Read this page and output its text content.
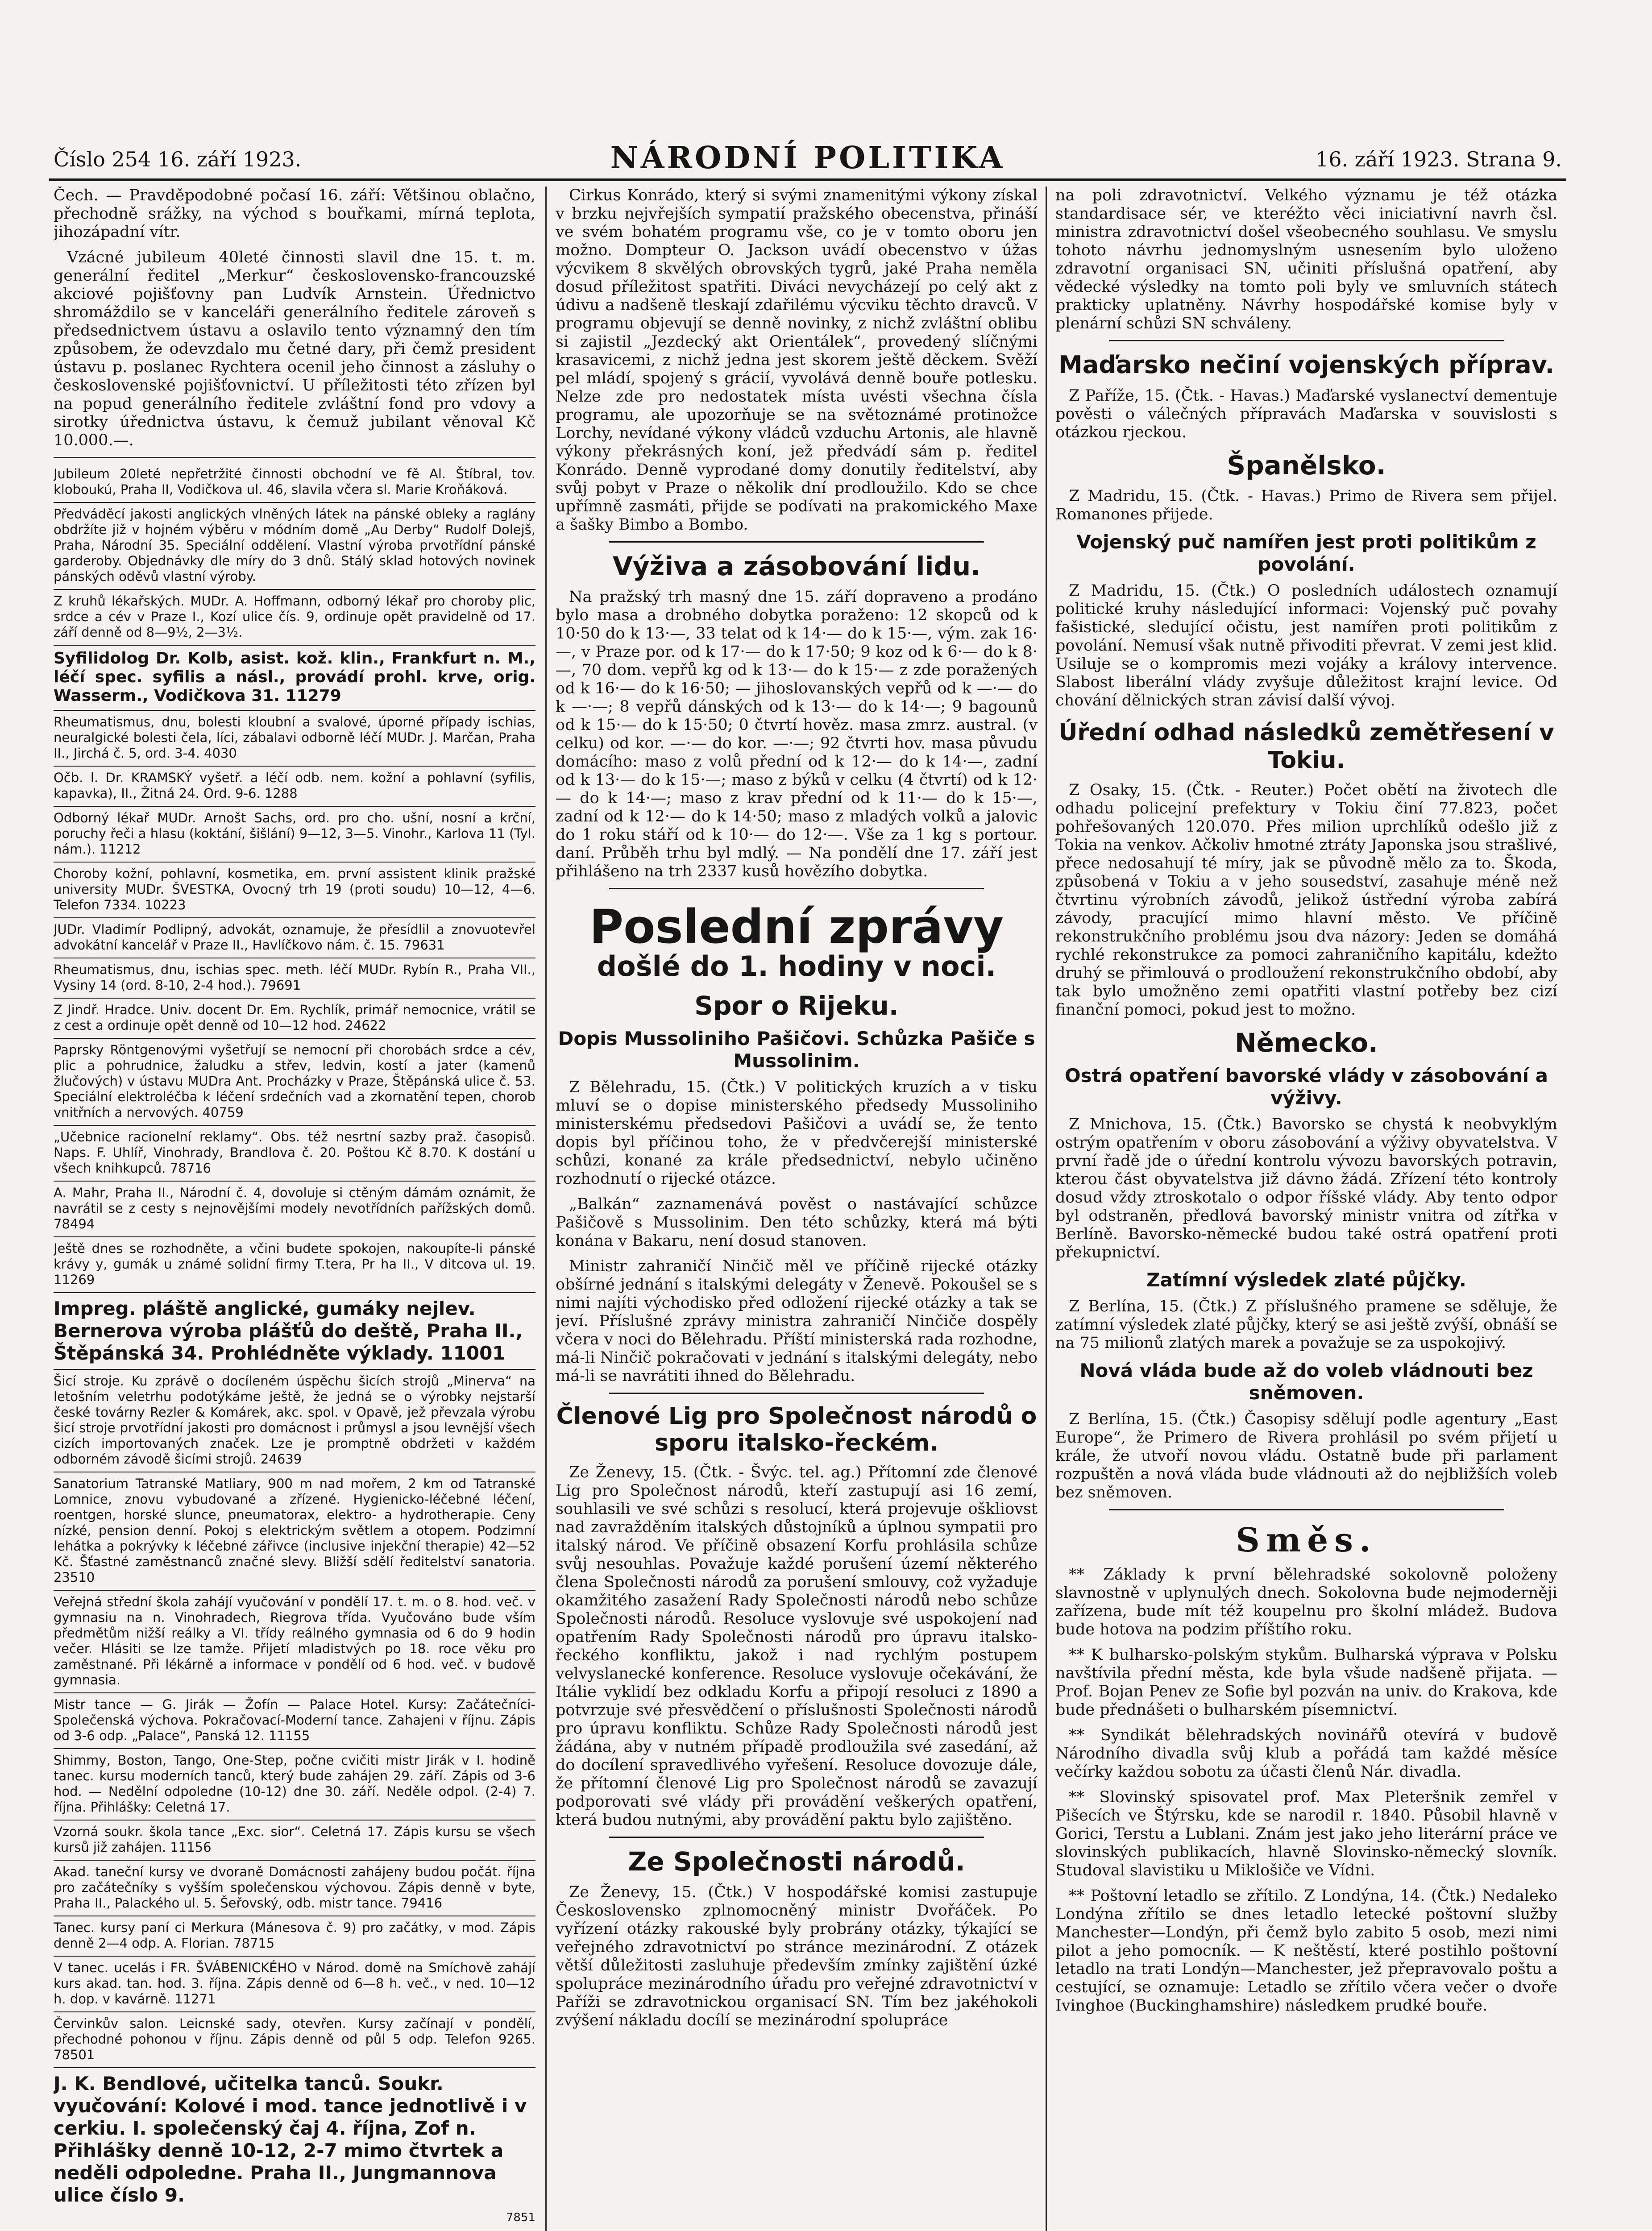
Číslo 254 16. září 1923.	NÁRODNÍ POLITIKA	16. září 1923. Strana 9.

Čech. — Pravděpodobné počasí 16. září: Většinou oblačno, přechodně srážky, na východ s bouřkami, mírná teplota, jihozápadní vítr.

Vzácné jubileum 40leté činnosti slavil dne 15. t. m. generální ředitel „Merkur“ československo-francouzské akciové pojišťovny pan Ludvík Arnstein. Úřednictvo shromáždilo se v kanceláři generálního ředitele zároveň s předsednictvem ústavu a oslavilo tento významný den tím způsobem, že odevzdalo mu četné dary, při čemž president ústavu p. poslanec Rychtera ocenil jeho činnost a zásluhy o československé pojišťovnictví. U příležitosti této zřízen byl na popud generálního ředitele zvláštní fond pro vdovy a sirotky úřednictva ústavu, k čemuž jubilant věnoval Kč 10.000.—.

Jubileum 20leté nepřetržité činnosti obchodní ve fě Al. Štíbral, tov. kloboukú, Praha II, Vodičkova ul. 46, slavila včera sl. Marie Kroňáková.

Předváděcí jakosti anglických vlněných látek na pánské obleky a raglány obdržíte již v hojném výběru v módním domě „Au Derby“ Rudolf Dolejš, Praha, Národní 35. Speciální oddělení. Vlastní výroba prvotřídní pánské garderoby. Objednávky dle míry do 3 dnů. Stálý sklad hotových novinek pánských oděvů vlastní výroby.

Z kruhů lékařských. MUDr. A. Hoffmann, odborný lékař pro choroby plic, srdce a cév v Praze I., Kozí ulice čís. 9, ordinuje opět pravidelně od 17. září denně od 8—9½, 2—3½.

Syfilidolog Dr. Kolb, asist. kož. klin., Frankfurt n. M., léčí spec. syfilis a násl., provádí prohl. krve, orig. Wasserm., Vodičkova 31. 11279

Rheumatismus, dnu, bolesti kloubní a svalové, úporné případy ischias, neuralgické bolesti čela, líci, zábalavi odborně léčí MUDr. J. Marčan, Praha II., Jirchá č. 5, ord. 3-4. 4030

Očb. l. Dr. KRAMSKÝ vyšetř. a léčí odb. nem. kožní a pohlavní (syfilis, kapavka), II., Žitná 24. Ord. 9-6. 1288

Odborný lékař MUDr. Arnošt Sachs, ord. pro cho. ušní, nosní a krční, poruchy řeči a hlasu (koktání, šišlání) 9—12, 3—5. Vinohr., Karlova 11 (Tyl. nám.). 11212

Choroby kožní, pohlavní, kosmetika, em. první assistent klinik pražské university MUDr. ŠVESTKA, Ovocný trh 19 (proti soudu) 10—12, 4—6. Telefon 7334. 10223

JUDr. Vladimír Podlipný, advokát, oznamuje, že přesídlil a znovuotevřel advokátní kancelář v Praze II., Havlíčkovo nám. č. 15. 79631

Rheumatismus, dnu, ischias spec. meth. léčí MUDr. Rybín R., Praha VII., Vysiny 14 (ord. 8-10, 2-4 hod.). 79691

Z Jindř. Hradce. Univ. docent Dr. Em. Rychlík, primář nemocnice, vrátil se z cest a ordinuje opět denně od 10—12 hod. 24622

Paprsky Röntgenovými vyšetřují se nemocní při chorobách srdce a cév, plic a pohrudnice, žaludku a střev, ledvin, kostí a jater (kamenů žlučových) v ústavu MUDra Ant. Procházky v Praze, Štěpánská ulice č. 53. Speciální elektroléčba k léčení srdečních vad a zkornatění tepen, chorob vnitřních a nervových. 40759

„Učebnice racionelní reklamy“. Obs. též nesrtní sazby praž. časopisů. Naps. F. Uhlíř, Vinohrady, Brandlova č. 20. Poštou Kč 8.70. K dostání u všech knihkupců. 78716

A. Mahr, Praha II., Národní č. 4, dovoluje si ctěným dámám oznámit, že navrátil se z cesty s nejnovějšími modely nevotřídních pařížských domů. 78494

Ještě dnes se rozhodněte, a včini budete spokojen, nakoupíte-li pánské krávy y, gumák u známé solidní firmy T.tera, Pr ha II., V ditcova ul. 19. 11269

Impreg. pláště anglické, gumáky nejlev. Bernerova výroba plášťů do deště, Praha II., Štěpánská 34. Prohlédněte výklady. 11001

Šicí stroje. Ku zprávě o docíleném úspěchu šicích strojů „Minerva“ na letošním veletrhu podotýkáme ještě, že jedná se o výrobky nejstarší české továrny Rezler & Komárek, akc. spol. v Opavě, jež převzala výrobu šicí stroje prvotřídní jakosti pro domácnost i průmysl a jsou levnější všech cizích importovaných značek. Lze je promptně obdržeti v každém odborném závodě šicími strojů. 24639

Sanatorium Tatranské Matliary, 900 m nad mořem, 2 km od Tatranské Lomnice, znovu vybudované a zřízené. Hygienicko-léčebné léčení, roentgen, horské slunce, pneumatorax, elektro- a hydrotherapie. Ceny nízké, pension denní. Pokoj s elektrickým světlem a otopem. Podzimní lehátka a pokrývky k léčebné zářivce (inclusive injekční therapie) 42—52 Kč. Šťastné zaměstnanců značné slevy. Bližší sdělí ředitelství sanatoria. 23510

Veřejná střední škola zahájí vyučování v pondělí 17. t. m. o 8. hod. več. v gymnasiu na n. Vinohradech, Riegrova třída. Vyučováno bude vším předmětům nižší reálky a VI. třídy reálného gymnasia od 6 do 9 hodin večer. Hlásiti se lze tamže. Přijetí mladistvých po 18. roce věku pro zaměstnané. Při lékárně a informace v pondělí od 6 hod. več. v budově gymnasia.

Mistr tance — G. Jirák — Žofín — Palace Hotel. Kursy: Začátečníci-Společenská výchova. Pokračovací-Moderní tance. Zahajeni v říjnu. Zápis od 3-6 odp. „Palace“, Panská 12. 11155

Shimmy, Boston, Tango, One-Step, počne cvičiti mistr Jirák v I. hodině tanec. kursu moderních tanců, který bude zahájen 29. září. Zápis od 3-6 hod. — Nedělní odpoledne (10-12) dne 30. září. Neděle odpol. (2-4) 7. října. Přihlášky: Celetná 17.

Vzorná soukr. škola tance „Exc. sior“. Celetná 17. Zápis kursu se všech kursů již zahájen. 11156

Akad. taneční kursy ve dvoraně Domácnosti zahájeny budou počát. října pro začátečníky s vyšším společenskou výchovou. Zápis denně v byte, Praha II., Palackého ul. 5. Šeřovský, odb. mistr tance. 79416

Tanec. kursy paní ci Merkura (Mánesova č. 9) pro začátky, v mod. Zápis denně 2—4 odp. A. Florian. 78715

V tanec. ucelás i FR. ŠVÁBENICKÉHO v Národ. domě na Smíchově zahájí kurs akad. tan. hod. 3. října. Zápis denně od 6—8 h. več., v ned. 10—12 h. dop. v kavárně. 11271

Červinkův salon. Leicnské sady, otevřen. Kursy začínají v pondělí, přechodné pohonou v říjnu. Zápis denně od půl 5 odp. Telefon 9265. 78501

J. K. Bendlové, učitelka tanců. Soukr. vyučování: Kolové i mod. tance jednotlivě i v cerkiu. I. společenský čaj 4. října, Zof n. Přihlášky denně 10-12, 2-7 mimo čtvrtek a neděli odpoledne. Praha II., Jungmannova ulice číslo 9.

7851

Cirkus Konrádo, který si svými znamenitými výkony získal v brzku nejvřejších sympatií pražského obecenstva, přináší ve svém bohatém programu vše, co je v tomto oboru jen možno. Dompteur O. Jackson uvádí obecenstvo v úžas výcvikem 8 skvělých obrovských tygrů, jaké Praha neměla dosud příležitost spatřiti. Diváci nevycházejí po celý akt z údivu a nadšeně tleskají zdařilému výcviku těchto dravců. V programu objevují se denně novinky, z nichž zvláštní oblibu si zajistil „Jezdecký akt Orientálek“, provedený slíčnými krasavicemi, z nichž jedna jest skorem ještě děckem. Svěží pel mládí, spojený s grácií, vyvolává denně bouře potlesku. Nelze zde pro nedostatek místa uvésti všechna čísla programu, ale upozorňuje se na světoznámé protinožce Lorchy, nevídané výkony vládců vzduchu Artonis, ale hlavně výkony překrásných koní, jež předvádí sám p. ředitel Konrádo. Denně vyprodané domy donutily ředitelství, aby svůj pobyt v Praze o několik dní prodloužilo. Kdo se chce upřímně zasmáti, přijde se podívati na prakomického Maxe a šašky Bimbo a Bombo.

Výživa a zásobování lidu.

Na pražský trh masný dne 15. září dopraveno a prodáno bylo masa a drobného dobytka poraženo: 12 skopců od k 10·50 do k 13·—, 33 telat od k 14·— do k 15·—, vým. zak 16·—, v Praze por. od k 17·— do k 17·50; 9 koz od k 6·— do k 8·—, 70 dom. vepřů kg od k 13·— do k 15·— z zde poražených od k 16·— do k 16·50; — jihoslovanských vepřů od k —·— do k —·—; 8 vepřů dánských od k 13·— do k 14·—; 9 bagounů od k 15·— do k 15·50; 0 čtvrtí hověz. masa zmrz. austral. (v celku) od kor. —·— do kor. —·—; 92 čtvrti hov. masa půvudu domácího: maso z volů přední od k 12·— do k 14·—, zadní od k 13·— do k 15·—; maso z býků v celku (4 čtvrtí) od k 12·— do k 14·—; maso z krav přední od k 11·— do k 15·—, zadní od k 12·— do k 14·50; maso z mladých volků a jalovic do 1 roku stáří od k 10·— do 12·—. Vše za 1 kg s portour. daní. Průběh trhu byl mdlý. — Na pondělí dne 17. září jest přihlášeno na trh 2337 kusů hovězího dobytka.

Poslední zprávy
došlé do 1. hodiny v noci.
Spor o Rijeku.
Dopis Mussoliniho Pašičovi. Schůzka Pašiče s Mussolinim.

Z Bělehradu, 15. (Čtk.) V politických kruzích a v tisku mluví se o dopise ministerského předsedy Mussoliniho ministerskému předsedovi Pašičovi a uvádí se, že tento dopis byl příčinou toho, že v předvčerejší ministerské schůzi, konané za krále předsednictví, nebylo učiněno rozhodnutí o rijecké otázce.

„Balkán“ zaznamenává pověst o nastávající schůzce Pašičově s Mussolinim. Den této schůzky, která má býti konána v Bakaru, není dosud stanoven.

Ministr zahraničí Ninčič měl ve příčině rijecké otázky obšírné jednání s italskými delegáty v Ženevě. Pokoušel se s nimi najíti východisko před odložení rijecké otázky a tak se jeví. Příslušné zprávy ministra zahraničí Ninčiče dospěly včera v noci do Bělehradu. Příští ministerská rada rozhodne, má-li Ninčič pokračovati v jednání s italskými delegáty, nebo má-li se navrátiti ihned do Bělehradu.

Členové Lig pro Společnost národů o sporu italsko-řeckém.

Ze Ženevy, 15. (Čtk. - Švýc. tel. ag.) Přítomní zde členové Lig pro Společnost národů, kteří zastupují asi 16 zemí, souhlasili ve své schůzi s resolucí, která projevuje oškliovst nad zavražděním italských důstojníků a úplnou sympatii pro italský národ. Ve příčině obsazení Korfu prohlásila schůze svůj nesouhlas. Považuje každé porušení území některého člena Společnosti národů za porušení smlouvy, což vyžaduje okamžitého zasažení Rady Společnosti národů nebo schůze Společnosti národů. Resoluce vyslovuje své uspokojení nad opatřením Rady Společnosti národů pro úpravu italsko-řeckého konfliktu, jakož i nad rychlým postupem velvyslanecké konference. Resoluce vyslovuje očekávání, že Itálie vyklidí bez odkladu Korfu a připojí resoluci z 1890 a potvrzuje své přesvědčení o příslušnosti Společnosti národů pro úpravu konfliktu. Schůze Rady Společnosti národů jest žádána, aby v nutném případě prodloužila své zasedání, až do docílení spravedlivého vyřešení. Resoluce dovozuje dále, že přítomní členové Lig pro Společnost národů se zavazují podporovati své vlády při provádění veškerých opatření, která budou nutnými, aby provádění paktu bylo zajištěno.

Ze Společnosti národů.

Ze Ženevy, 15. (Čtk.) V hospodářské komisi zastupuje Československo zplnomocněný ministr Dvořáček. Po vyřízení otázky rakouské byly probrány otázky, týkající se veřejného zdravotnictví po stránce mezinárodní. Z otázek větší důležitosti zasluhuje především zmínky zajištění úzké spolupráce mezinárodního úřadu pro veřejné zdravotnictví v Paříži se zdravotnickou organisací SN. Tím bez jakéhokoli zvýšení nákladu docílí se mezinárodní spolupráce

na poli zdravotnictví. Velkého významu je též otázka standardisace sér, ve kteréžto věci iniciativní navrh čsl. ministra zdravotnictví došel všeobecného souhlasu. Ve smyslu tohoto návrhu jednomyslným usnesením bylo uloženo zdravotní organisaci SN, učiniti příslušná opatření, aby vědecké výsledky na tomto poli byly ve smluvních státech prakticky uplatněny. Návrhy hospodářské komise byly v plenární schůzi SN schváleny.

Maďarsko nečiní vojenských příprav.

Z Paříže, 15. (Čtk. - Havas.) Maďarské vyslanectví dementuje pověsti o válečných přípravách Maďarska v souvislosti s otázkou rjeckou.

Španělsko.

Z Madridu, 15. (Čtk. - Havas.) Primo de Rivera sem přijel. Romanones přijede.

Vojenský puč namířen jest proti politikům z povolání.

Z Madridu, 15. (Čtk.) O posledních událostech oznamují politické kruhy následující informaci: Vojenský puč povahy fašistické, sledující očistu, jest namířen proti politikům z povolání. Nemusí však nutně přivoditi převrat. V zemi jest klid. Usiluje se o kompromis mezi vojáky a královy intervence. Slabost liberální vlády zvyšuje důležitost krajní levice. Od chování dělnických stran závisí další vývoj.

Úřední odhad následků zemětřesení v Tokiu.

Z Osaky, 15. (Čtk. - Reuter.) Počet obětí na životech dle odhadu policejní prefektury v Tokiu činí 77.823, počet pohřešovaných 120.070. Přes milion uprchlíků odešlo již z Tokia na venkov. Ačkoliv hmotné ztráty Japonska jsou strašlivé, přece nedosahují té míry, jak se původně mělo za to. Škoda, způsobená v Tokiu a v jeho sousedství, zasahuje méně než čtvrtinu výrobních závodů, jelikož ústřední výroba zabírá závody, pracující mimo hlavní město. Ve příčině rekonstrukčního problému jsou dva názory: Jeden se domáhá rychlé rekonstrukce za pomoci zahraničního kapitálu, kdežto druhý se přimlouvá o prodloužení rekonstrukčního období, aby tak bylo umožněno zemi opatřiti vlastní potřeby bez cizí finanční pomoci, pokud jest to možno.

Německo.
Ostrá opatření bavorské vlády v zásobování a výživy.

Z Mnichova, 15. (Čtk.) Bavorsko se chystá k neobvyklým ostrým opatřením v oboru zásobování a výživy obyvatelstva. V první řadě jde o úřední kontrolu vývozu bavorských potravin, kterou část obyvatelstva již dávno žádá. Zřízení této kontroly dosud vždy ztroskotalo o odpor říšské vlády. Aby tento odpor byl odstraněn, předlová bavorský ministr vnitra od zítřka v Berlíně. Bavorsko-německé budou také ostrá opatření proti překupnictví.

Zatímní výsledek zlaté půjčky.

Z Berlína, 15. (Čtk.) Z příslušného pramene se sděluje, že zatímní výsledek zlaté půjčky, který se asi ještě zvýší, obnáší se na 75 milionů zlatých marek a považuje se za uspokojivý.

Nová vláda bude až do voleb vládnouti bez sněmoven.

Z Berlína, 15. (Čtk.) Časopisy sdělují podle agentury „East Europe“, že Primero de Rivera prohlásil po svém přijetí u krále, že utvoří novou vládu. Ostatně bude při parlament rozpuštěn a nová vláda bude vládnouti až do nejbližších voleb bez sněmoven.

Směs.

** Základy k první bělehradské sokolovně položeny slavnostně v uplynulých dnech. Sokolovna bude nejmoderněji zařízena, bude mít též koupelnu pro školní mládež. Budova bude hotova na podzim příštího roku.

** K bulharsko-polským stykům. Bulharská výprava v Polsku navštívila přední města, kde byla všude nadšeně přijata. — Prof. Bojan Penev ze Sofie byl pozván na univ. do Krakova, kde bude přednášeti o bulharském písemnictví.

** Syndikát bělehradských novinářů otevírá v budově Národního divadla svůj klub a pořádá tam každé měsíce večírky každou sobotu za účasti členů Nár. divadla.

** Slovinský spisovatel prof. Max Pleteršnik zemřel v Pišecích ve Štýrsku, kde se narodil r. 1840. Působil hlavně v Gorici, Terstu a Lublani. Znám jest jako jeho literární práce ve slovinských publikacích, hlavně Slovinsko-německý slovník. Studoval slavistiku u Miklošiče ve Vídni.

** Poštovní letadlo se zřítilo. Z Londýna, 14. (Čtk.) Nedaleko Londýna zřítilo se dnes letadlo letecké poštovní služby Manchester—Londýn, při čemž bylo zabito 5 osob, mezi nimi pilot a jeho pomocník. — K neštěstí, které postihlo poštovní letadlo na trati Londýn—Manchester, jež přepravovalo poštu a cestující, se oznamuje: Letadlo se zřítilo včera večer o dvoře Ivinghoe (Buckinghamshire) následkem prudké bouře.
